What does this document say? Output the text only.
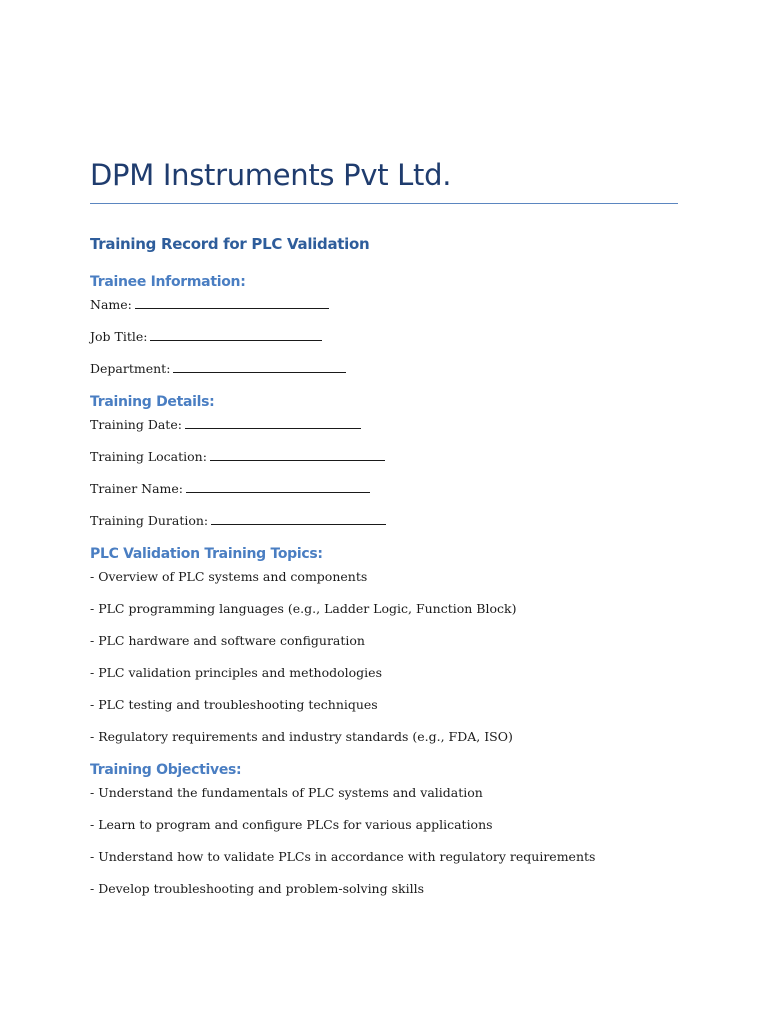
DPM Instruments Pvt Ltd.
Training Record for PLC Validation
Trainee Information:

Name:

Job Title:

Department:

Training Details:

Training Date:

Training Location:

Trainer Name:

Training Duration:

PLC Validation Training Topics:

- Overview of PLC systems and components

- PLC programming languages (e.g., Ladder Logic, Function Block)

- PLC hardware and software configuration

- PLC validation principles and methodologies

- PLC testing and troubleshooting techniques

- Regulatory requirements and industry standards (e.g., FDA, ISO)

Training Objectives:

- Understand the fundamentals of PLC systems and validation

- Learn to program and configure PLCs for various applications

- Understand how to validate PLCs in accordance with regulatory requirements

- Develop troubleshooting and problem-solving skills
